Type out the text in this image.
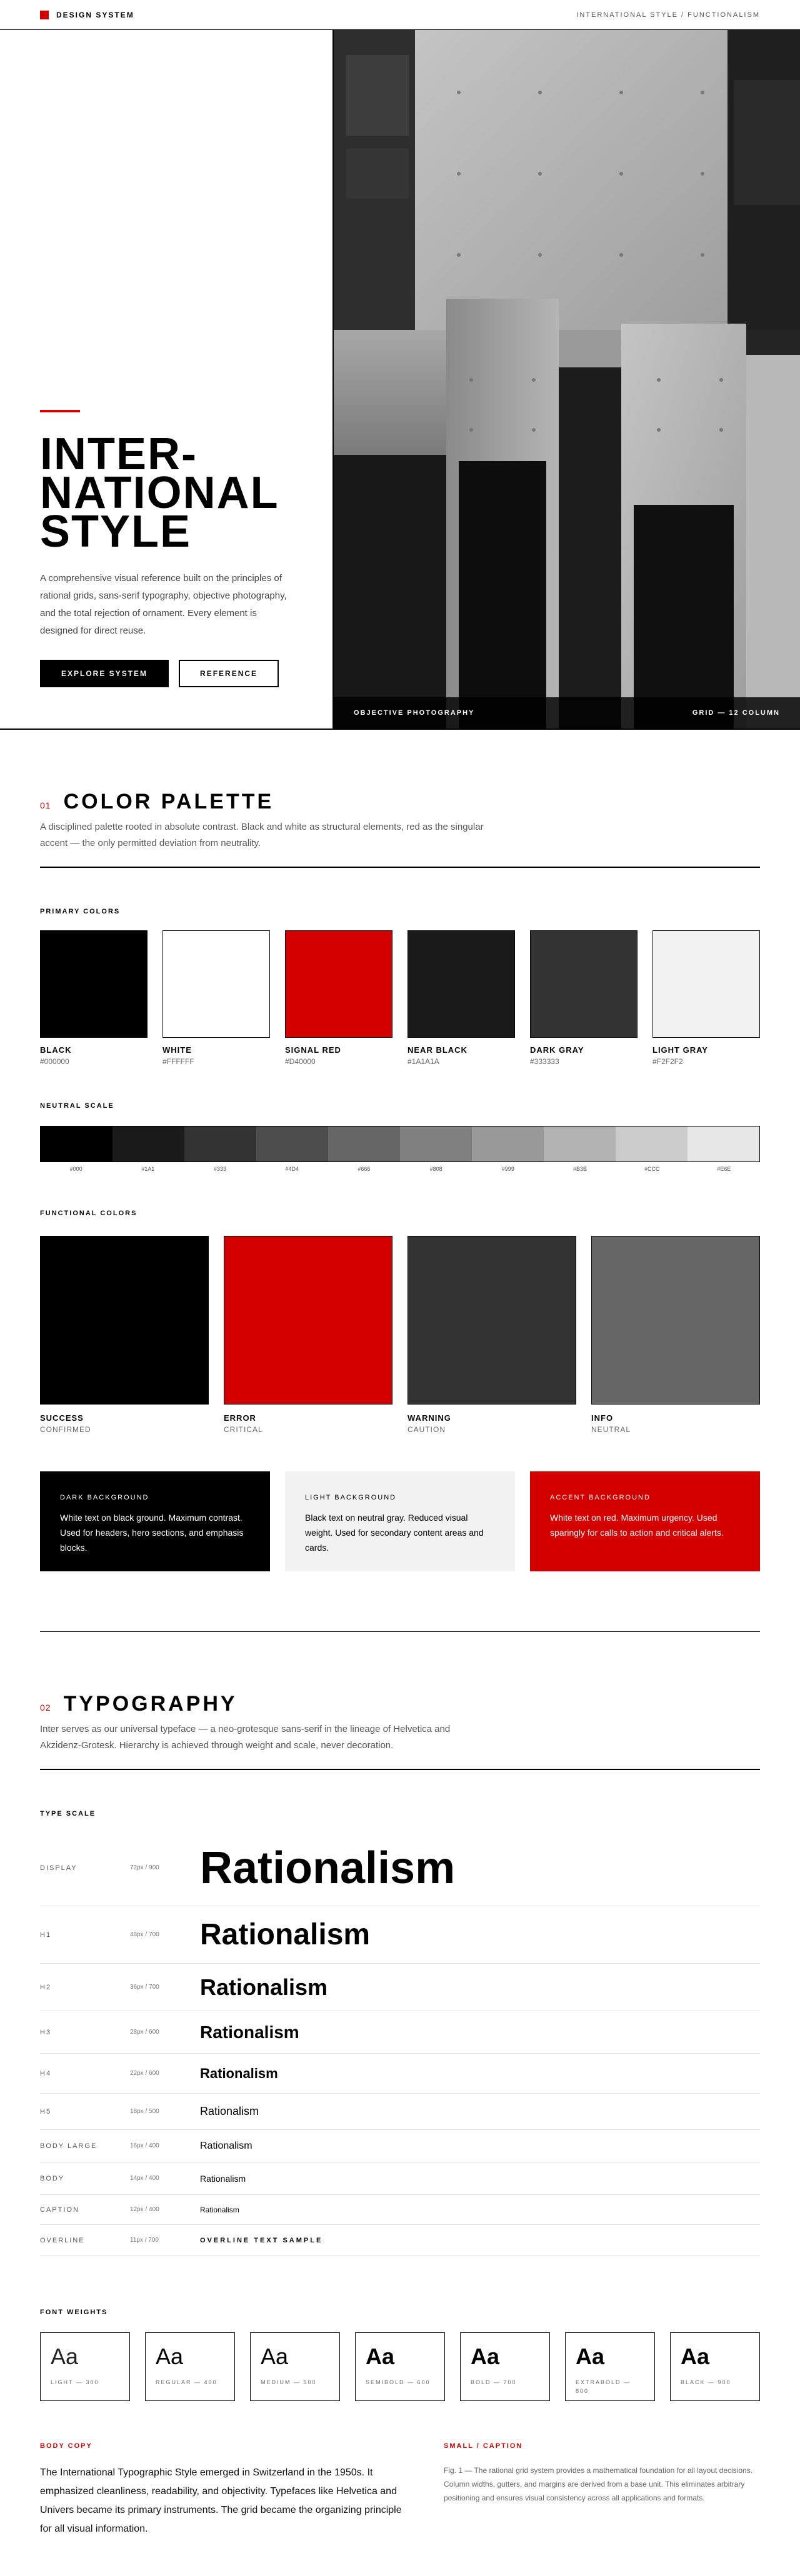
DESIGN SYSTEM	INTERNATIONAL STYLE / FUNCTIONALISM
INTER-
NATIONAL
STYLE

A comprehensive visual reference built on the principles of rational grids, sans-serif typography, objective photography, and the total rejection of ornament. Every element is designed for direct reuse.

EXPLORE SYSTEM	REFERENCE
OBJECTIVE PHOTOGRAPHY	GRID — 12 COLUMN
01 COLOR PALETTE

A disciplined palette rooted in absolute contrast. Black and white as structural elements, red as the singular accent — the only permitted deviation from neutrality.

PRIMARY COLORS
BLACK
#000000
WHITE
#FFFFFF
SIGNAL RED
#D40000
NEAR BLACK
#1A1A1A
DARK GRAY
#333333
LIGHT GRAY
#F2F2F2
NEUTRAL SCALE
#000	#1A1	#333	#4D4	#666	#808	#999	#B3B	#CCC	#E6E
FUNCTIONAL COLORS
SUCCESS
CONFIRMED
ERROR
CRITICAL
WARNING
CAUTION
INFO
NEUTRAL
DARK BACKGROUND

White text on black ground. Maximum contrast. Used for headers, hero sections, and emphasis blocks.

LIGHT BACKGROUND

Black text on neutral gray. Reduced visual weight. Used for secondary content areas and cards.

ACCENT BACKGROUND

White text on red. Maximum urgency. Used sparingly for calls to action and critical alerts.

02 TYPOGRAPHY

Inter serves as our universal typeface — a neo-grotesque sans-serif in the lineage of Helvetica and Akzidenz-Grotesk. Hierarchy is achieved through weight and scale, never decoration.

TYPE SCALE
DISPLAY	72px / 900 Rationalism
H1	48px / 700	Rationalism
H2	36px / 700	Rationalism
H3	28px / 600	Rationalism
H4	22px / 600	Rationalism
H5	18px / 500	Rationalism
BODY LARGE	16px / 400	Rationalism
BODY	14px / 400	Rationalism
CAPTION	12px / 400	Rationalism
OVERLINE	11px / 700	OVERLINE TEXT SAMPLE
FONT WEIGHTS
Aa
LIGHT — 300
Aa
REGULAR — 400
Aa
MEDIUM — 500
Aa
SEMIBOLD — 600
Aa
BOLD — 700
Aa
EXTRABOLD — 800
Aa
BLACK — 900
BODY COPY

The International Typographic Style emerged in Switzerland in the 1950s. It emphasized cleanliness, readability, and objectivity. Typefaces like Helvetica and Univers became its primary instruments. The grid became the organizing principle for all visual information.

SMALL / CAPTION

Fig. 1 — The rational grid system provides a mathematical foundation for all layout decisions. Column widths, gutters, and margins are derived from a base unit. This eliminates arbitrary positioning and ensures visual consistency across all applications and formats.
